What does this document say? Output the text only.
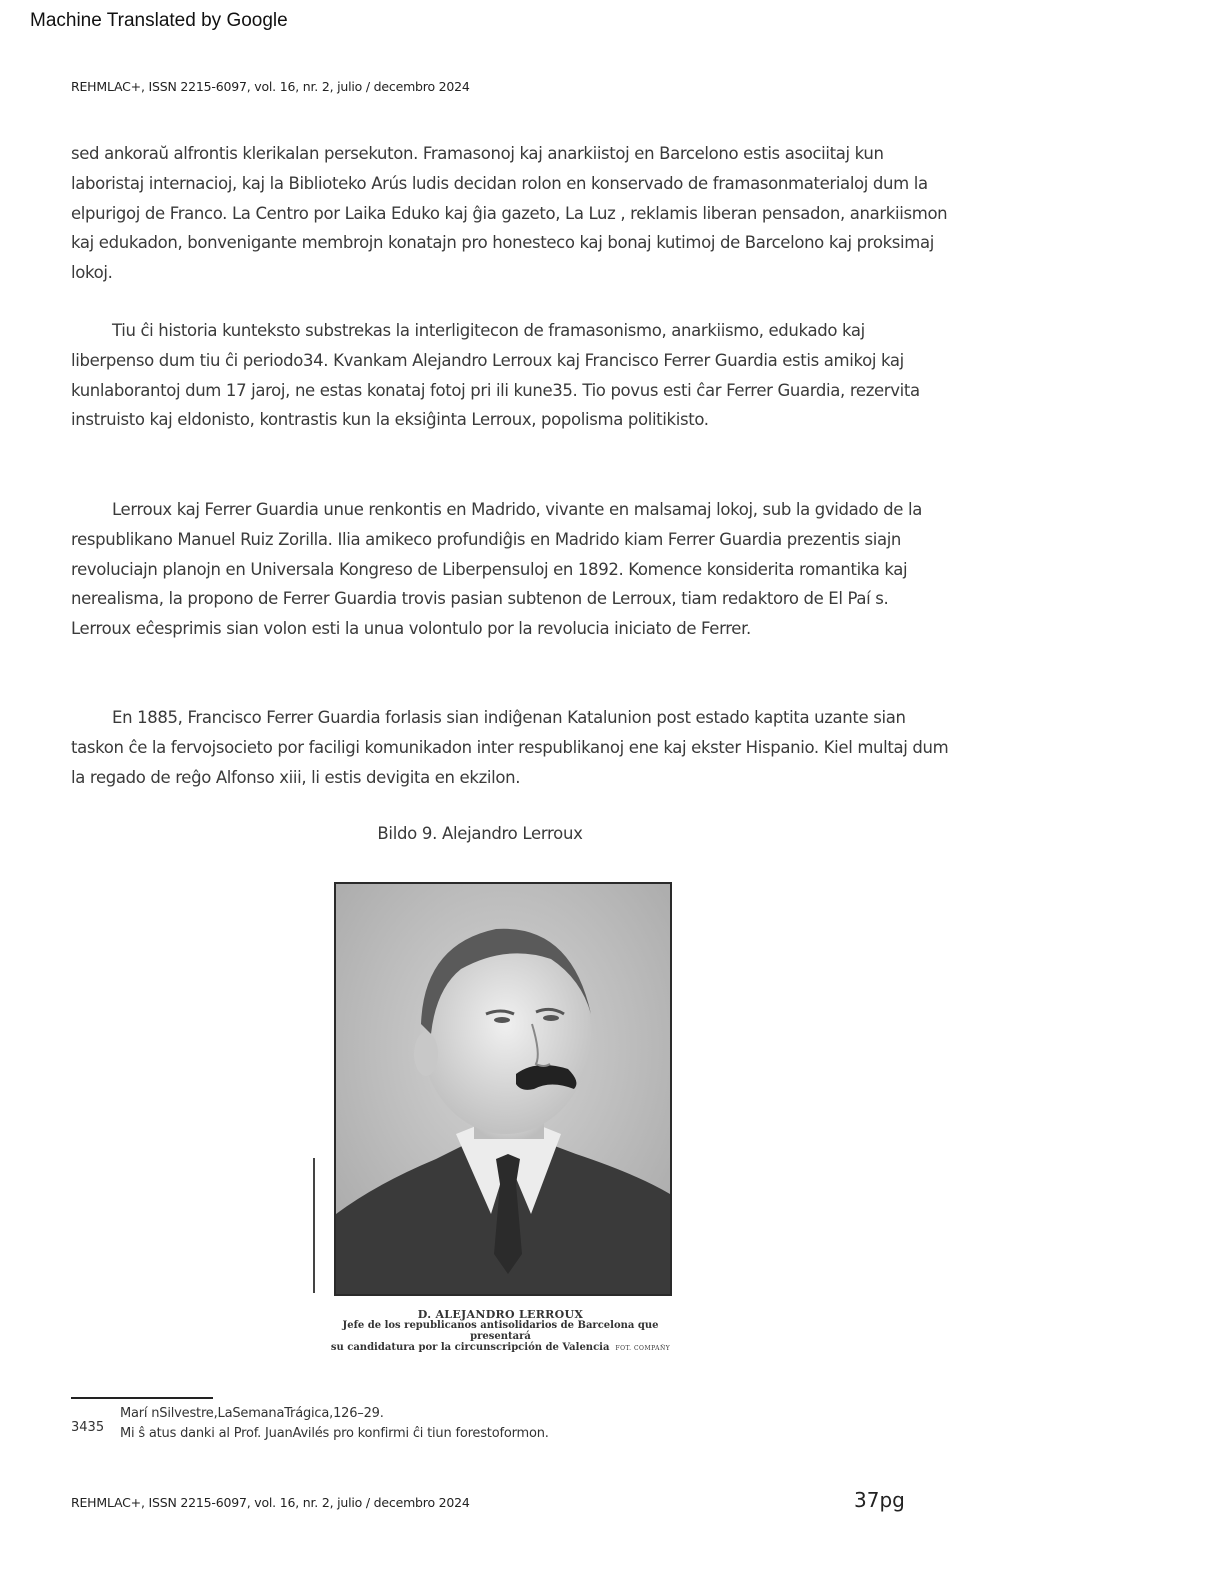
Machine Translated by Google
REHMLAC+, ISSN 2215-6097, vol. 16, nr. 2, julio / decembro 2024

sed ankoraŭ alfrontis klerikalan persekuton. Framasonoj kaj anarkiistoj en Barcelono estis asociitaj kun laboristaj internacioj, kaj la Biblioteko Arús ludis decidan rolon en konservado de framasonmaterialoj dum la elpurigoj de Franco. La Centro por Laika Eduko kaj ĝia gazeto, La Luz , reklamis liberan pensadon, anarkiismon kaj edukadon, bonvenigante membrojn konatajn pro honesteco kaj bonaj kutimoj de Barcelono kaj proksimaj lokoj.

Tiu ĉi historia kunteksto substrekas la interligitecon de framasonismo, anarkiismo, edukado kaj liberpenso dum tiu ĉi periodo34. Kvankam Alejandro Lerroux kaj Francisco Ferrer Guardia estis amikoj kaj kunlaborantoj dum 17 jaroj, ne estas konataj fotoj pri ili kune35. Tio povus esti ĉar Ferrer Guardia, rezervita instruisto kaj eldonisto, kontrastis kun la eksiĝinta Lerroux, popolisma politikisto.

Lerroux kaj Ferrer Guardia unue renkontis en Madrido, vivante en malsamaj lokoj, sub la gvidado de la respublikano Manuel Ruiz Zorilla. Ilia amikeco profundiĝis en Madrido kiam Ferrer Guardia prezentis siajn revoluciajn planojn en Universala Kongreso de Liberpensuloj en 1892. Komence konsiderita romantika kaj nerealisma, la propono de Ferrer Guardia trovis pasian subtenon de Lerroux, tiam redaktoro de El Paí s. Lerroux eĉesprimis sian volon esti la unua volontulo por la revolucia iniciato de Ferrer.

En 1885, Francisco Ferrer Guardia forlasis sian indiĝenan Katalunion post estado kaptita uzante sian taskon ĉe la fervojsocieto por faciligi komunikadon inter respublikanoj ene kaj ekster Hispanio. Kiel multaj dum la regado de reĝo Alfonso xiii, li estis devigita en ekzilon.

Bildo 9. Alejandro Lerroux
D. ALEJANDRO LERROUX
Jefe de los republicanos antisolidarios de Barcelona que presentará
su candidatura por la circunscripción de Valencia FOT. COMPAÑY
3435
Marí nSilvestre,LaSemanaTrágica,126–29.
Mi ŝ atus danki al Prof. JuanAvilés pro konfirmi ĉi tiun forestoformon.
REHMLAC+, ISSN 2215-6097, vol. 16, nr. 2, julio / decembro 2024	37pg
